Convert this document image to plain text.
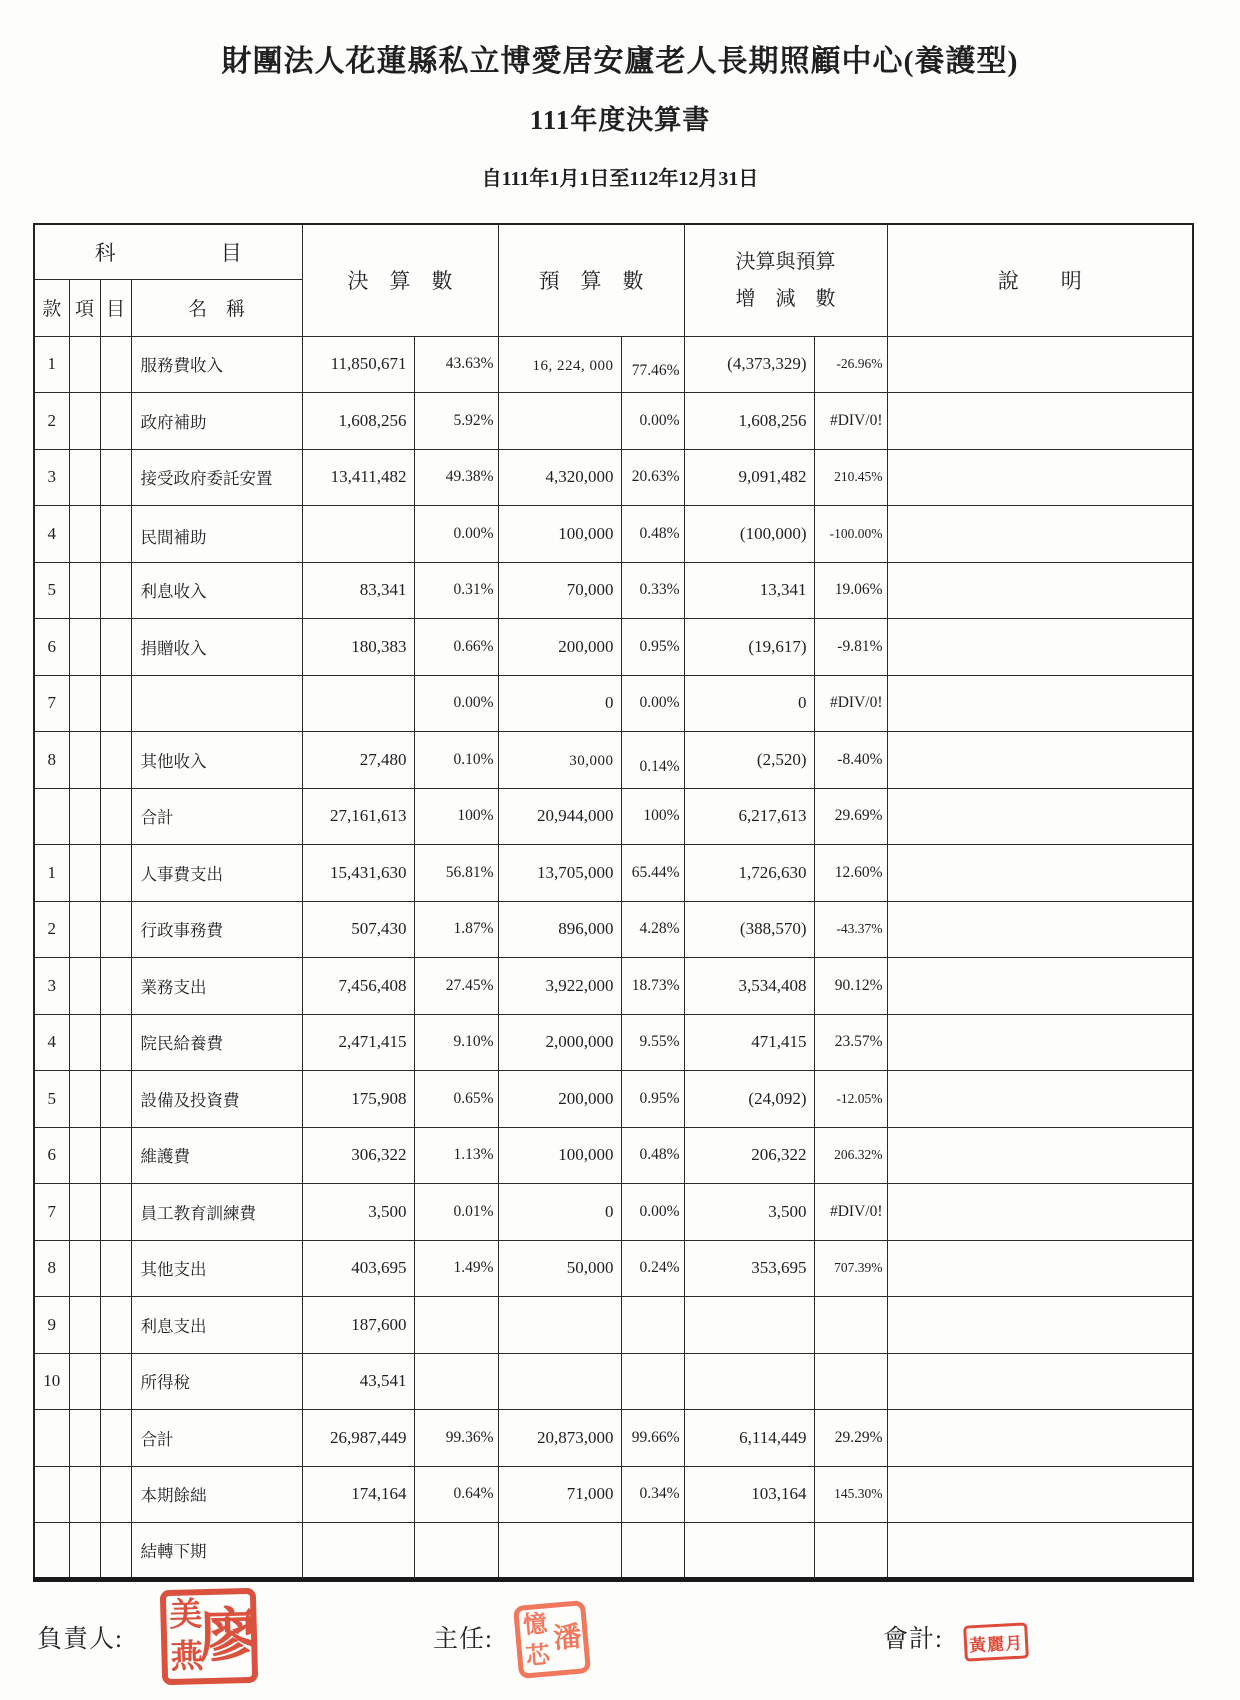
財團法人花蓮縣私立博愛居安廬老人長期照顧中心(養護型)
111年度決算書
自111年1月1日至112年12月31日
科　　　　　目				決　算　數		預　算　數		決算與預算
增　減　數		說　　明
款	項	目	名　稱							
1			服務費收入	11,850,671	43.63%	16, 224, 000	77.46%	(4,373,329)	-26.96%	
2			政府補助	1,608,256	5.92%		0.00%	1,608,256	#DIV/0!	
3			接受政府委託安置	13,411,482	49.38%	4,320,000	20.63%	9,091,482	210.45%	
4			民間補助		0.00%	100,000	0.48%	(100,000)	-100.00%	
5			利息收入	83,341	0.31%	70,000	0.33%	13,341	19.06%	
6			捐贈收入	180,383	0.66%	200,000	0.95%	(19,617)	-9.81%	
7					0.00%	0	0.00%	0	#DIV/0!	
8			其他收入	27,480	0.10%	30,000	0.14%	(2,520)	-8.40%	
			合計	27,161,613	100%	20,944,000	100%	6,217,613	29.69%	
1			人事費支出	15,431,630	56.81%	13,705,000	65.44%	1,726,630	12.60%	
2			行政事務費	507,430	1.87%	896,000	4.28%	(388,570)	-43.37%	
3			業務支出	7,456,408	27.45%	3,922,000	18.73%	3,534,408	90.12%	
4			院民給養費	2,471,415	9.10%	2,000,000	9.55%	471,415	23.57%	
5			設備及投資費	175,908	0.65%	200,000	0.95%	(24,092)	-12.05%	
6			維護費	306,322	1.13%	100,000	0.48%	206,322	206.32%	
7			員工教育訓練費	3,500	0.01%	0	0.00%	3,500	#DIV/0!	
8			其他支出	403,695	1.49%	50,000	0.24%	353,695	707.39%	
9			利息支出	187,600						
10			所得稅	43,541						
			合計	26,987,449	99.36%	20,873,000	99.66%	6,114,449	29.29%	
			本期餘絀	174,164	0.64%	71,000	0.34%	103,164	145.30%	
			結轉下期							
負責人:
美
燕
廖	主任:
憶
芯
潘	會計:	黃麗月
